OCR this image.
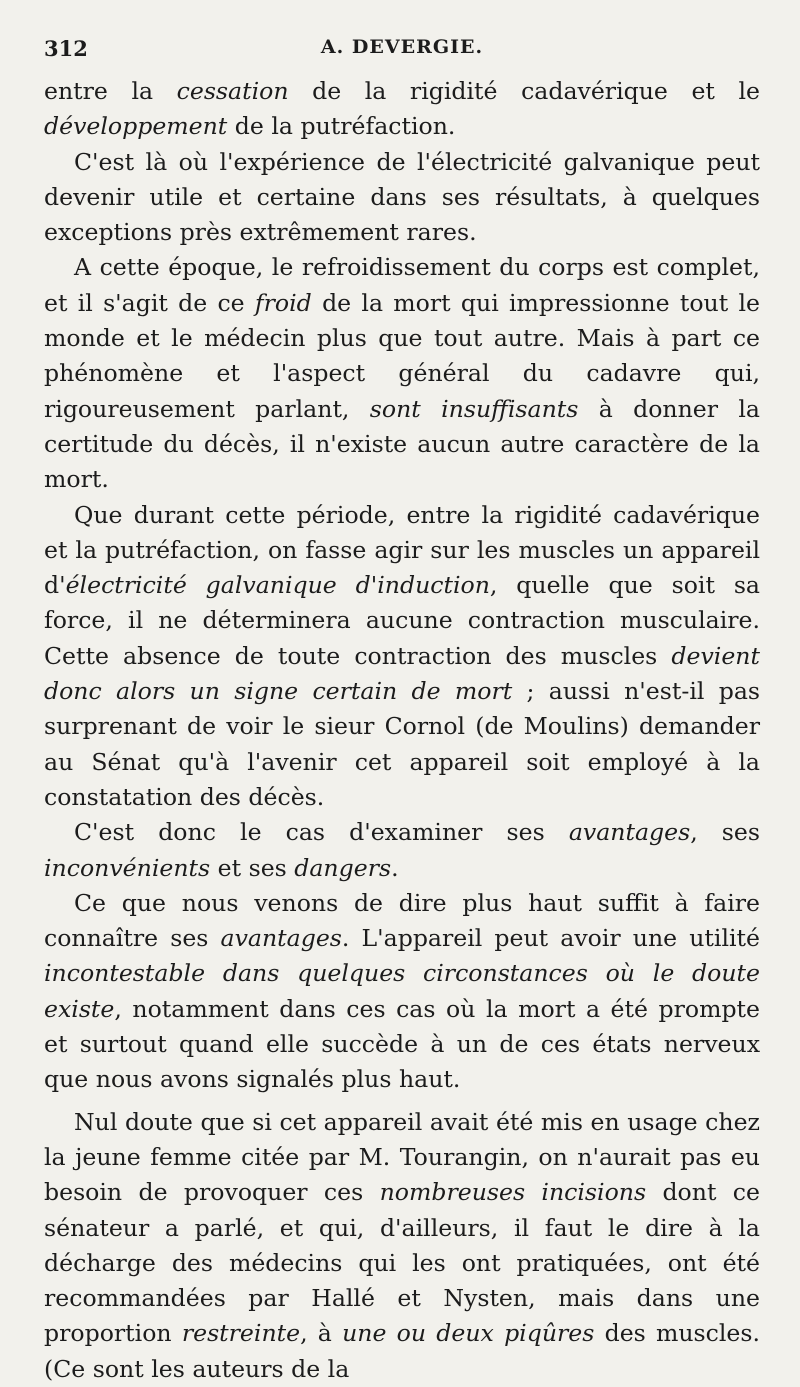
312	A. DEVERGIE.

entre la cessation de la rigidité cadavérique et le développement de la putréfaction.

C'est là où l'expérience de l'électricité galvanique peut devenir utile et certaine dans ses résultats, à quelques exceptions près extrêmement rares.

A cette époque, le refroidissement du corps est complet, et il s'agit de ce froid de la mort qui impressionne tout le monde et le médecin plus que tout autre. Mais à part ce phénomène et l'aspect général du cadavre qui, rigoureusement parlant, sont insuffisants à donner la certitude du décès, il n'existe aucun autre caractère de la mort.

Que durant cette période, entre la rigidité cadavérique et la putréfaction, on fasse agir sur les muscles un appareil d'électricité galvanique d'induction, quelle que soit sa force, il ne déterminera aucune contraction musculaire. Cette absence de toute contraction des muscles devient donc alors un signe certain de mort ; aussi n'est-il pas surprenant de voir le sieur Cornol (de Moulins) demander au Sénat qu'à l'avenir cet appareil soit employé à la constatation des décès.

C'est donc le cas d'examiner ses avantages, ses inconvénients et ses dangers.

Ce que nous venons de dire plus haut suffit à faire connaître ses avantages. L'appareil peut avoir une utilité incontestable dans quelques circonstances où le doute existe, notamment dans ces cas où la mort a été prompte et surtout quand elle succède à un de ces états nerveux que nous avons signalés plus haut.

Nul doute que si cet appareil avait été mis en usage chez la jeune femme citée par M. Tourangin, on n'aurait pas eu besoin de provoquer ces nombreuses incisions dont ce sénateur a parlé, et qui, d'ailleurs, il faut le dire à la décharge des médecins qui les ont pratiquées, ont été recommandées par Hallé et Nysten, mais dans une proportion restreinte, à une ou deux piqûres des muscles. (Ce sont les auteurs de la
